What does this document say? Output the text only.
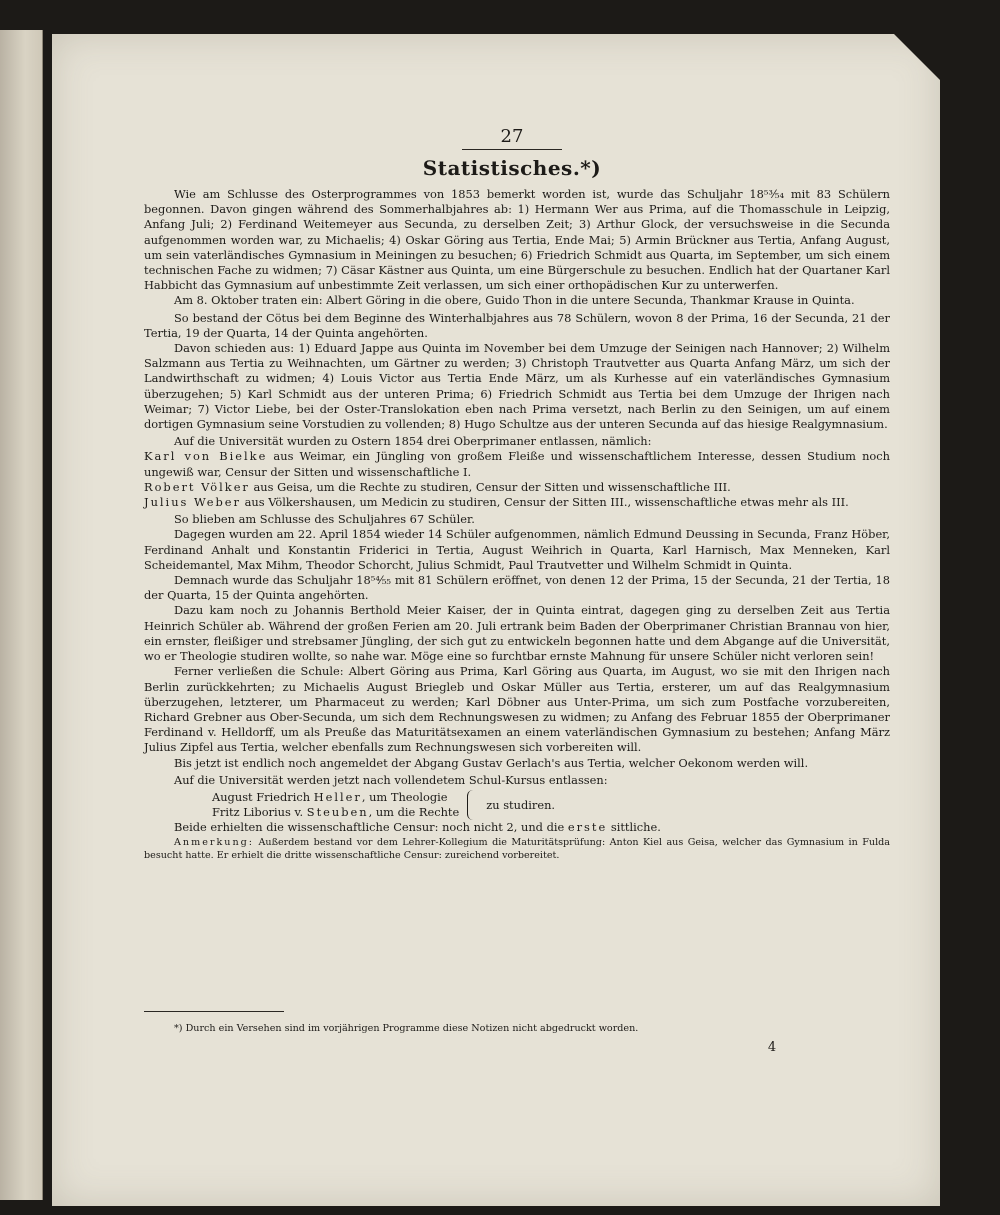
27
Statistisches.*)

Wie am Schlusse des Osterprogrammes von 1853 bemerkt worden ist, wurde das Schuljahr 18⁵³⁄₅₄ mit 83 Schülern begonnen. Davon gingen während des Sommerhalbjahres ab: 1) Hermann Wer aus Prima, auf die Thomasschule in Leipzig, Anfang Juli; 2) Ferdinand Weitemeyer aus Secunda, zu derselben Zeit; 3) Arthur Glock, der versuchsweise in die Secunda aufgenommen worden war, zu Michaelis; 4) Oskar Göring aus Tertia, Ende Mai; 5) Armin Brückner aus Tertia, Anfang August, um sein vaterländisches Gymnasium in Meiningen zu besuchen; 6) Friedrich Schmidt aus Quarta, im September, um sich einem technischen Fache zu widmen; 7) Cäsar Kästner aus Quinta, um eine Bürgerschule zu besuchen. Endlich hat der Quartaner Karl Habbicht das Gymnasium auf unbestimmte Zeit verlassen, um sich einer orthopädischen Kur zu unterwerfen.

Am 8. Oktober traten ein: Albert Göring in die obere, Guido Thon in die untere Secunda, Thankmar Krause in Quinta.

So bestand der Cötus bei dem Beginne des Winterhalbjahres aus 78 Schülern, wovon 8 der Prima, 16 der Secunda, 21 der Tertia, 19 der Quarta, 14 der Quinta angehörten.

Davon schieden aus: 1) Eduard Jappe aus Quinta im November bei dem Umzuge der Seinigen nach Hannover; 2) Wilhelm Salzmann aus Tertia zu Weihnachten, um Gärtner zu werden; 3) Christoph Trautvetter aus Quarta Anfang März, um sich der Landwirthschaft zu widmen; 4) Louis Victor aus Tertia Ende März, um als Kurhesse auf ein vaterländisches Gymnasium überzugehen; 5) Karl Schmidt aus der unteren Prima; 6) Friedrich Schmidt aus Tertia bei dem Umzuge der Ihrigen nach Weimar; 7) Victor Liebe, bei der Oster-Translokation eben nach Prima versetzt, nach Berlin zu den Seinigen, um auf einem dortigen Gymnasium seine Vorstudien zu vollenden; 8) Hugo Schultze aus der unteren Secunda auf das hiesige Realgymnasium.

Auf die Universität wurden zu Ostern 1854 drei Oberprimaner entlassen, nämlich:

Karl von Bielke aus Weimar, ein Jüngling von großem Fleiße und wissenschaftlichem Interesse, dessen Studium noch ungewiß war, Censur der Sitten und wissenschaftliche I.

Robert Völker aus Geisa, um die Rechte zu studiren, Censur der Sitten und wissenschaftliche III.

Julius Weber aus Völkershausen, um Medicin zu studiren, Censur der Sitten III., wissenschaftliche etwas mehr als III.

So blieben am Schlusse des Schuljahres 67 Schüler.

Dagegen wurden am 22. April 1854 wieder 14 Schüler aufgenommen, nämlich Edmund Deussing in Secunda, Franz Höber, Ferdinand Anhalt und Konstantin Friderici in Tertia, August Weihrich in Quarta, Karl Harnisch, Max Menneken, Karl Scheidemantel, Max Mihm, Theodor Schorcht, Julius Schmidt, Paul Trautvetter und Wilhelm Schmidt in Quinta.

Demnach wurde das Schuljahr 18⁵⁴⁄₅₅ mit 81 Schülern eröffnet, von denen 12 der Prima, 15 der Secunda, 21 der Tertia, 18 der Quarta, 15 der Quinta angehörten.

Dazu kam noch zu Johannis Berthold Meier Kaiser, der in Quinta eintrat, dagegen ging zu derselben Zeit aus Tertia Heinrich Schüler ab. Während der großen Ferien am 20. Juli ertrank beim Baden der Oberprimaner Christian Brannau von hier, ein ernster, fleißiger und strebsamer Jüngling, der sich gut zu entwickeln begonnen hatte und dem Abgange auf die Universität, wo er Theologie studiren wollte, so nahe war. Möge eine so furchtbar ernste Mahnung für unsere Schüler nicht verloren sein!

Ferner verließen die Schule: Albert Göring aus Prima, Karl Göring aus Quarta, im August, wo sie mit den Ihrigen nach Berlin zurückkehrten; zu Michaelis August Briegleb und Oskar Müller aus Tertia, ersterer, um auf das Realgymnasium überzugehen, letzterer, um Pharmaceut zu werden; Karl Döbner aus Unter-Prima, um sich zum Postfache vorzubereiten, Richard Grebner aus Ober-Secunda, um sich dem Rechnungswesen zu widmen; zu Anfang des Februar 1855 der Oberprimaner Ferdinand v. Helldorff, um als Preuße das Maturitätsexamen an einem vaterländischen Gymnasium zu bestehen; Anfang März Julius Zipfel aus Tertia, welcher ebenfalls zum Rechnungswesen sich vorbereiten will.

Bis jetzt ist endlich noch angemeldet der Abgang Gustav Gerlach's aus Tertia, welcher Oekonom werden will.

Auf die Universität werden jetzt nach vollendetem Schul-Kursus entlassen:

August Friedrich Heller, um Theologie
Fritz Liborius v. Steuben, um die Rechte
zu studiren.

Beide erhielten die wissenschaftliche Censur: noch nicht 2, und die erste sittliche.

Anmerkung: Außerdem bestand vor dem Lehrer-Kollegium die Maturitätsprüfung: Anton Kiel aus Geisa, welcher das Gymnasium in Fulda besucht hatte. Er erhielt die dritte wissenschaftliche Censur: zureichend vorbereitet.

*) Durch ein Versehen sind im vorjährigen Programme diese Notizen nicht abgedruckt worden.
4
